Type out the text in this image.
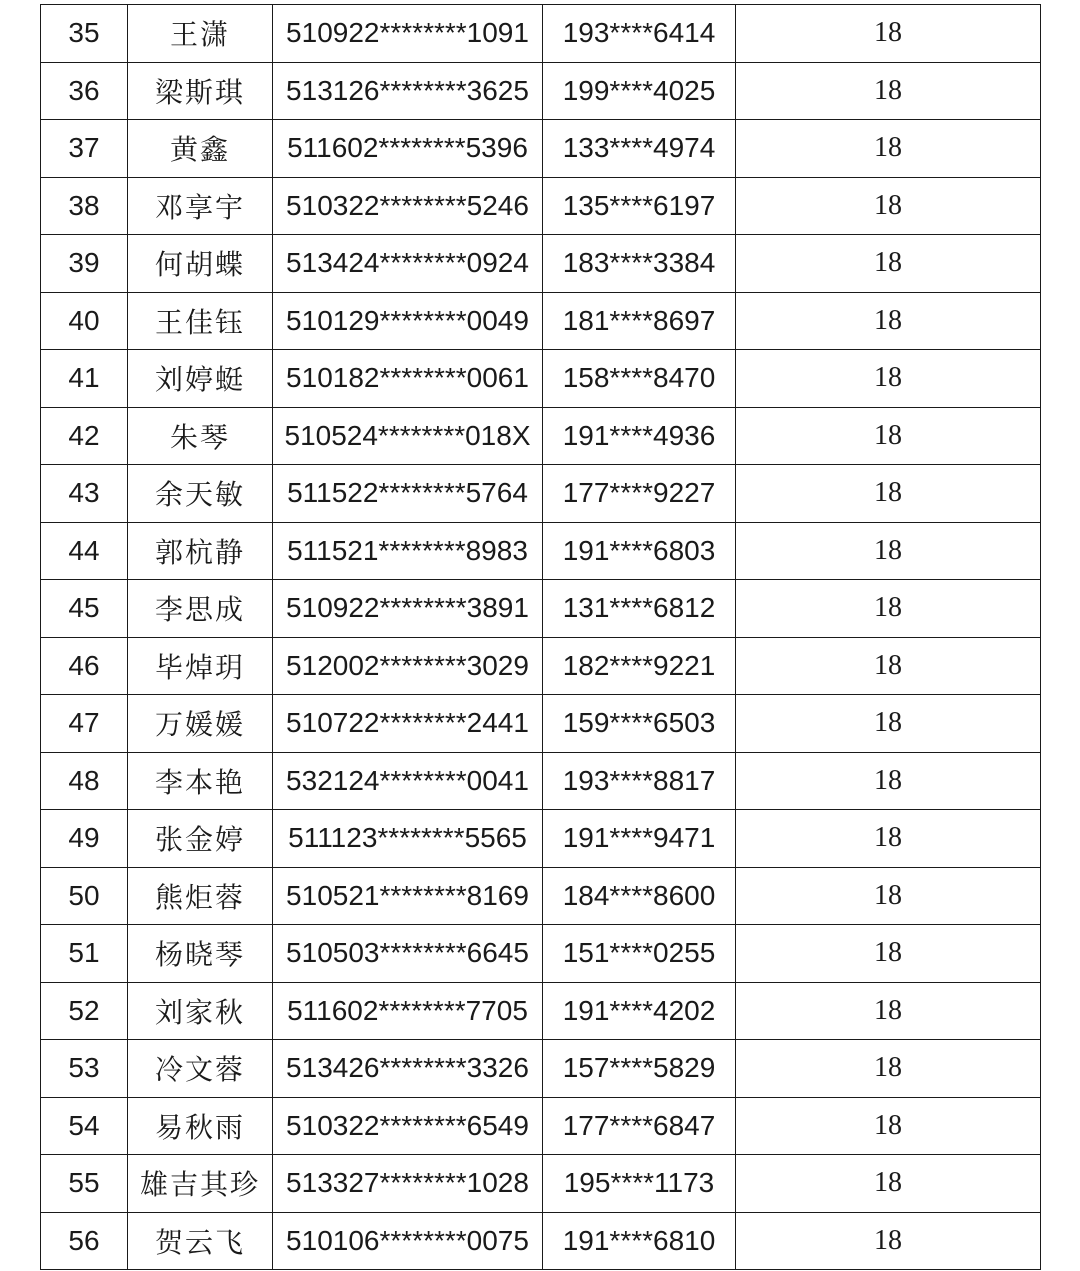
35	王潇	510922********1091	193****6414	18
36	梁斯琪	513126********3625	199****4025	18
37	黄鑫	511602********5396	133****4974	18
38	邓享宇	510322********5246	135****6197	18
39	何胡蝶	513424********0924	183****3384	18
40	王佳钰	510129********0049	181****8697	18
41	刘婷蜓	510182********0061	158****8470	18
42	朱琴	510524********018X	191****4936	18
43	余天敏	511522********5764	177****9227	18
44	郭杭静	511521********8983	191****6803	18
45	李思成	510922********3891	131****6812	18
46	毕焯玥	512002********3029	182****9221	18
47	万媛媛	510722********2441	159****6503	18
48	李本艳	532124********0041	193****8817	18
49	张金婷	511123********5565	191****9471	18
50	熊炬蓉	510521********8169	184****8600	18
51	杨晓琴	510503********6645	151****0255	18
52	刘家秋	511602********7705	191****4202	18
53	冷文蓉	513426********3326	157****5829	18
54	易秋雨	510322********6549	177****6847	18
55	雄吉其珍	513327********1028	195****1173	18
56	贺云飞	510106********0075	191****6810	18
